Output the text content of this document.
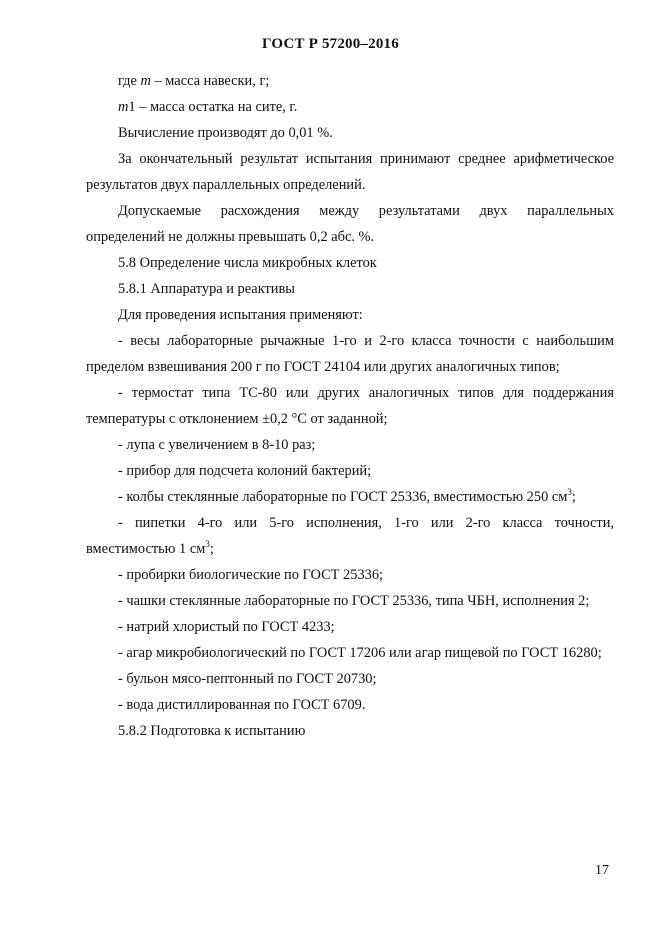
ГОСТ Р 57200–2016

где m – масса навески, г;

m1 – масса остатка на сите, г.

Вычисление производят до 0,01 %.

За окончательный результат испытания принимают среднее арифметическое результатов двух параллельных определений.

Допускаемые расхождения между результатами двух параллельных определений не должны превышать 0,2 абс. %.

5.8 Определение числа микробных клеток

5.8.1 Аппаратура и реактивы

Для проведения испытания применяют:

- весы лабораторные рычажные 1-го и 2-го класса точности с наибольшим пределом взвешивания 200 г по ГОСТ 24104 или других аналогичных типов;

- термостат типа ТС-80 или других аналогичных типов для поддержания температуры с отклонением ±0,2 °С от заданной;

- лупа с увеличением в 8-10 раз;

- прибор для подсчета колоний бактерий;

- колбы стеклянные лабораторные по ГОСТ 25336, вместимостью 250 $см^3$;

- пипетки 4-го или 5-го исполнения, 1-го или 2-го класса точности, вместимостью 1 $см^3$;

- пробирки биологические по ГОСТ 25336;

- чашки стеклянные лабораторные по ГОСТ 25336, типа ЧБН, исполнения 2;

- натрий хлористый по ГОСТ 4233;

- агар микробиологический по ГОСТ 17206 или агар пищевой по ГОСТ 16280;

- бульон мясо-пептонный по ГОСТ 20730;

- вода дистиллированная по ГОСТ 6709.

5.8.2 Подготовка к испытанию

17
